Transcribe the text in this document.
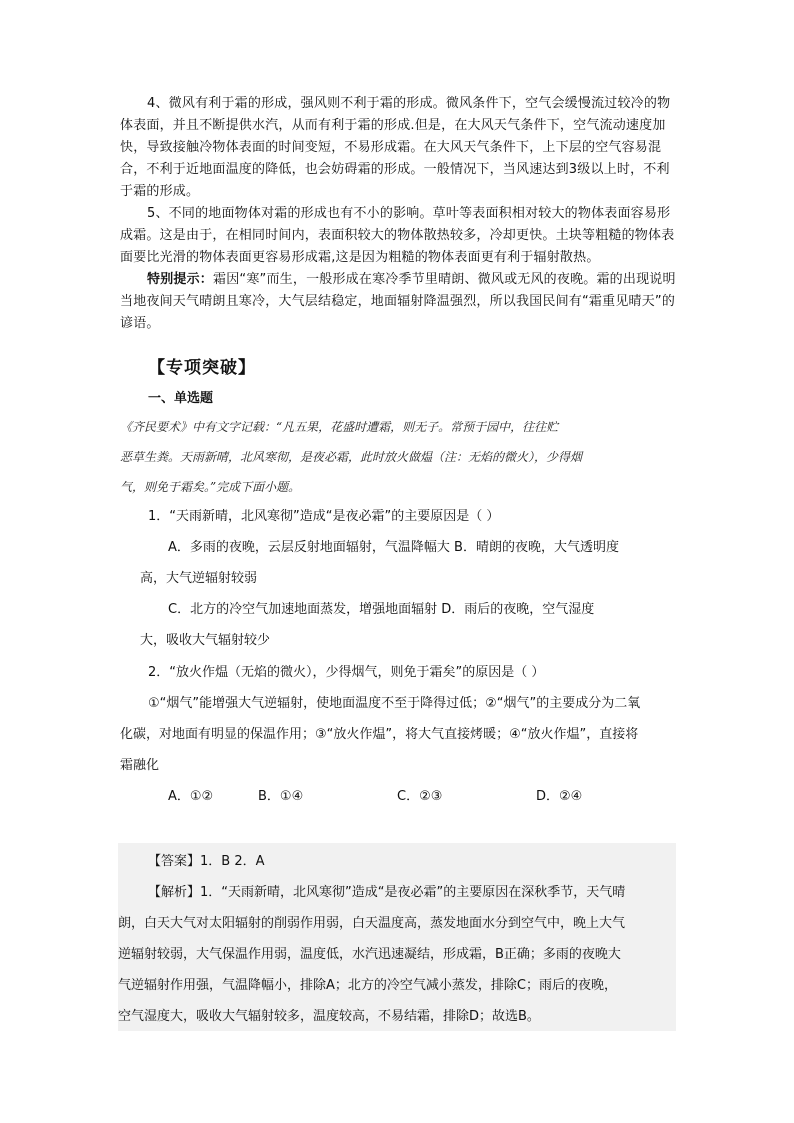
4、微风有利于霜的形成，强风则不利于霜的形成。微风条件下，空气会缓慢流过较冷的物体表面，并且不断提供水汽，从而有利于霜的形成.但是，在大风天气条件下，空气流动速度加快，导致接触冷物体表面的时间变短，不易形成霜。在大风天气条件下，上下层的空气容易混合，不利于近地面温度的降低，也会妨碍霜的形成。一般情况下，当风速达到3级以上时，不利于霜的形成。

5、不同的地面物体对霜的形成也有不小的影响。草叶等表面积相对较大的物体表面容易形成霜。这是由于，在相同时间内，表面积较大的物体散热较多，冷却更快。土块等粗糙的物体表面要比光滑的物体表面更容易形成霜,这是因为粗糙的物体表面更有利于辐射散热。

特别提示：霜因“寒”而生，一般形成在寒冷季节里晴朗、微风或无风的夜晚。霜的出现说明当地夜间天气晴朗且寒冷，大气层结稳定，地面辐射降温强烈，所以我国民间有“霜重见晴天”的谚语。

【专项突破】
一、单选题

《齐民要术》中有文字记载：“凡五果，花盛时遭霜，则无子。常预于园中，往往贮

恶草生粪。天雨新晴，北风寒彻，是夜必霜，此时放火做煴（注：无焰的微火），少得烟

气，则免于霜矣。”完成下面小题。

1．“天雨新晴，北风寒彻”造成“是夜必霜”的主要原因是（ ）

A．多雨的夜晚，云层反射地面辐射，气温降幅大 B．晴朗的夜晚，大气透明度

高，大气逆辐射较弱

C．北方的冷空气加速地面蒸发，增强地面辐射 D．雨后的夜晚，空气湿度

大，吸收大气辐射较少

2．“放火作煴（无焰的微火），少得烟气，则免于霜矣”的原因是（ ）

①“烟气”能增强大气逆辐射，使地面温度不至于降得过低；②“烟气”的主要成分为二氧

化碳，对地面有明显的保温作用；③“放火作煴”，将大气直接烤暖；④“放火作煴”，直接将

霜融化

A．①②	B．①④	C．②③	D．②④

【答案】1．B 2．A

【解析】1．“天雨新晴，北风寒彻”造成“是夜必霜”的主要原因在深秋季节，天气晴

朗，白天大气对太阳辐射的削弱作用弱，白天温度高，蒸发地面水分到空气中，晚上大气

逆辐射较弱，大气保温作用弱，温度低，水汽迅速凝结，形成霜，B正确；多雨的夜晚大

气逆辐射作用强，气温降幅小，排除A；北方的冷空气减小蒸发，排除C；雨后的夜晚，

空气湿度大，吸收大气辐射较多，温度较高，不易结霜，排除D；故选B。
